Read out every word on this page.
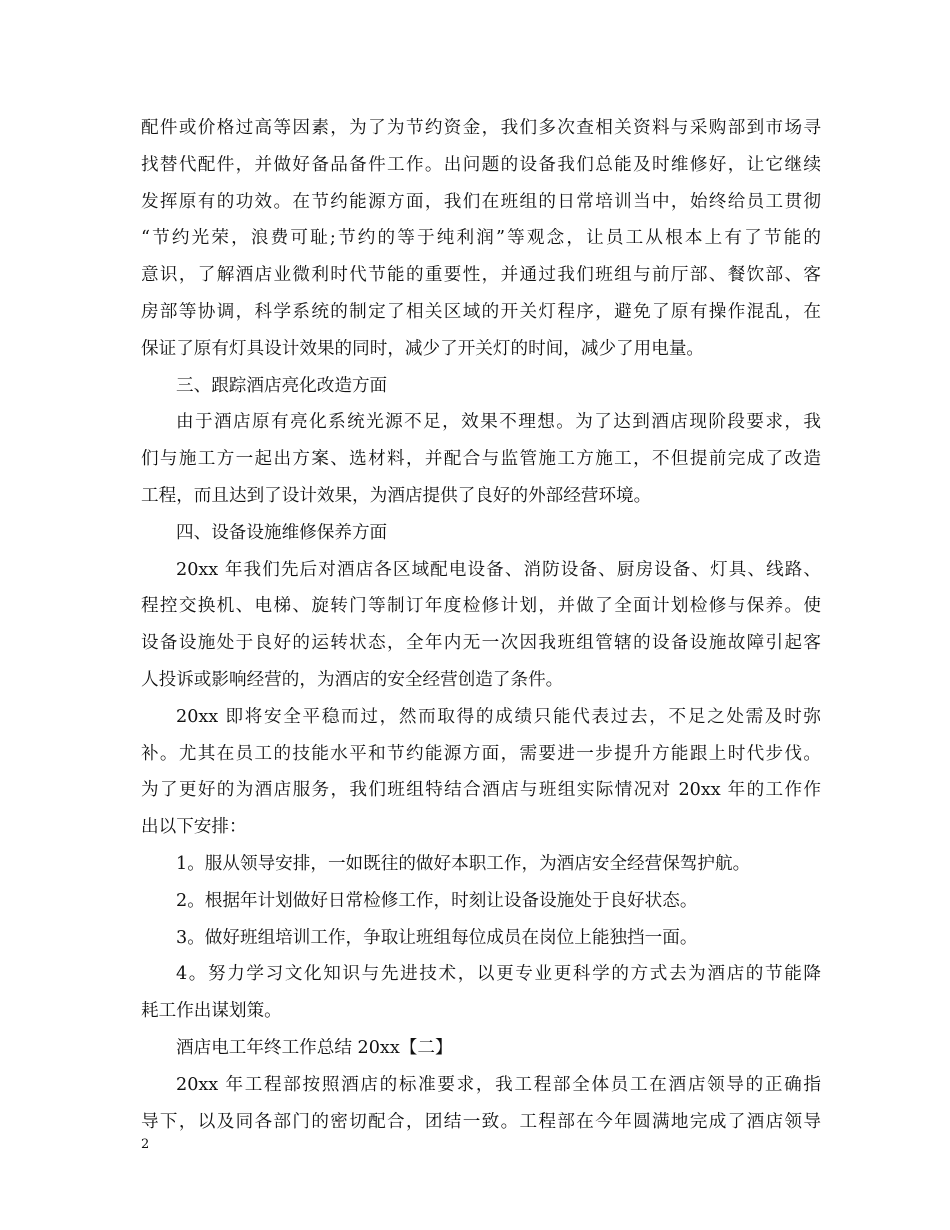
配件或价格过高等因素，为了为节约资金，我们多次查相关资料与采购部到市场寻
找替代配件，并做好备品备件工作。出问题的设备我们总能及时维修好，让它继续
发挥原有的功效。在节约能源方面，我们在班组的日常培训当中，始终给员工贯彻
“节约光荣，浪费可耻;节约的等于纯利润”等观念，让员工从根本上有了节能的
意识，了解酒店业微利时代节能的重要性，并通过我们班组与前厅部、餐饮部、客
房部等协调，科学系统的制定了相关区域的开关灯程序，避免了原有操作混乱，在
保证了原有灯具设计效果的同时，减少了开关灯的时间，减少了用电量。
三、跟踪酒店亮化改造方面
由于酒店原有亮化系统光源不足，效果不理想。为了达到酒店现阶段要求，我
们与施工方一起出方案、选材料，并配合与监管施工方施工，不但提前完成了改造
工程，而且达到了设计效果，为酒店提供了良好的外部经营环境。
四、设备设施维修保养方面
20xx 年我们先后对酒店各区域配电设备、消防设备、厨房设备、灯具、线路、
程控交换机、电梯、旋转门等制订年度检修计划，并做了全面计划检修与保养。使
设备设施处于良好的运转状态，全年内无一次因我班组管辖的设备设施故障引起客
人投诉或影响经营的，为酒店的安全经营创造了条件。
20xx 即将安全平稳而过，然而取得的成绩只能代表过去，不足之处需及时弥
补。尤其在员工的技能水平和节约能源方面，需要进一步提升方能跟上时代步伐。
为了更好的为酒店服务，我们班组特结合酒店与班组实际情况对 20xx 年的工作作
出以下安排：
1。服从领导安排，一如既往的做好本职工作，为酒店安全经营保驾护航。
2。根据年计划做好日常检修工作，时刻让设备设施处于良好状态。
3。做好班组培训工作，争取让班组每位成员在岗位上能独挡一面。
4。努力学习文化知识与先进技术，以更专业更科学的方式去为酒店的节能降
耗工作出谋划策。
酒店电工年终工作总结 20xx【二】
20xx 年工程部按照酒店的标准要求，我工程部全体员工在酒店领导的正确指
导下，以及同各部门的密切配合，团结一致。工程部在今年圆满地完成了酒店领导
2
